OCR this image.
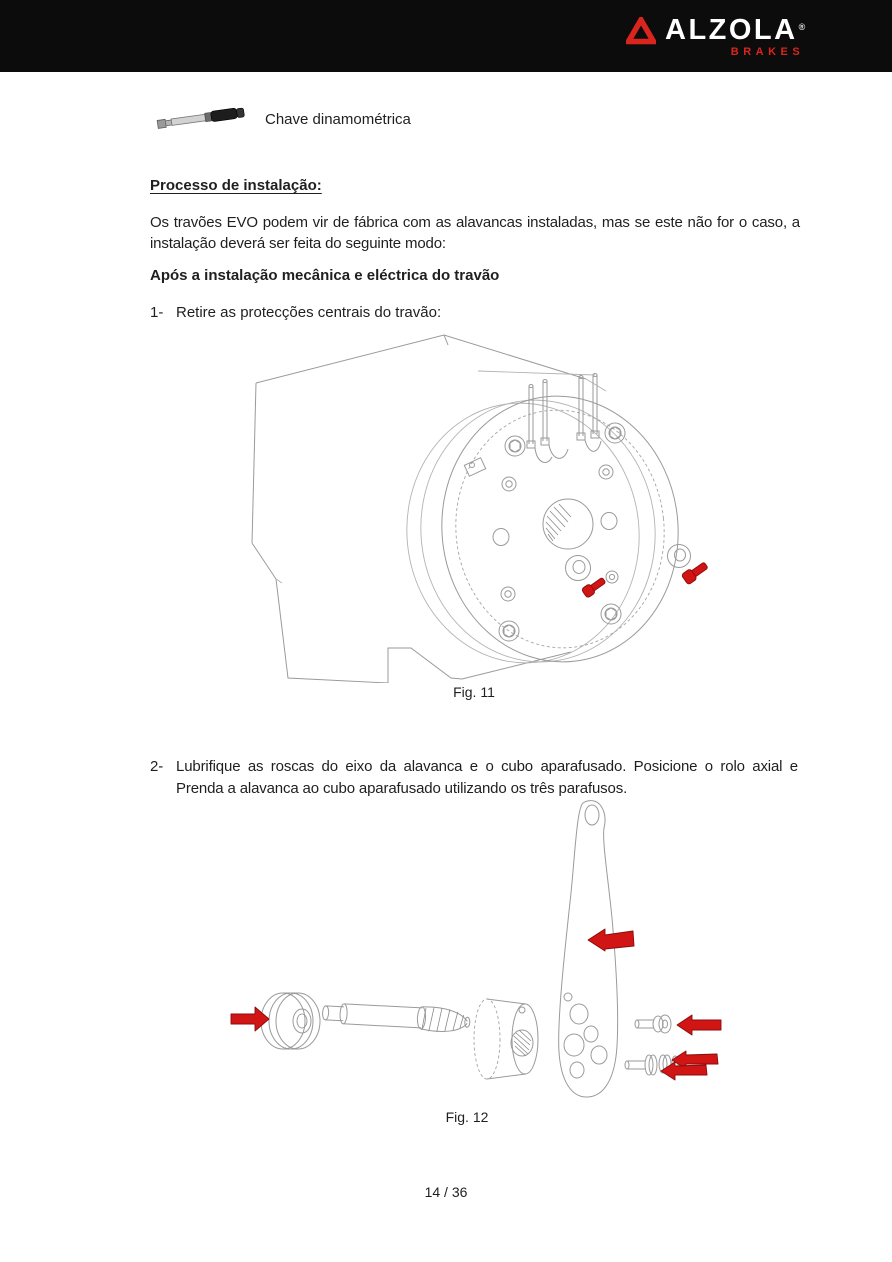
ALZOLA®
BRAKES
Chave dinamométrica
Processo de instalação:
Os travões EVO podem vir de fábrica com as alavancas instaladas, mas se este não for o caso, a
instalação deverá ser feita do seguinte modo:
Após a instalação mecânica e eléctrica do travão
1- Retire as protecções centrais do travão:
Fig. 11
2- Lubrifique as roscas do eixo da alavanca e o cubo aparafusado. Posicione o rolo axial e
Prenda a alavanca ao cubo aparafusado utilizando os três parafusos.
Fig. 12
14 / 36
